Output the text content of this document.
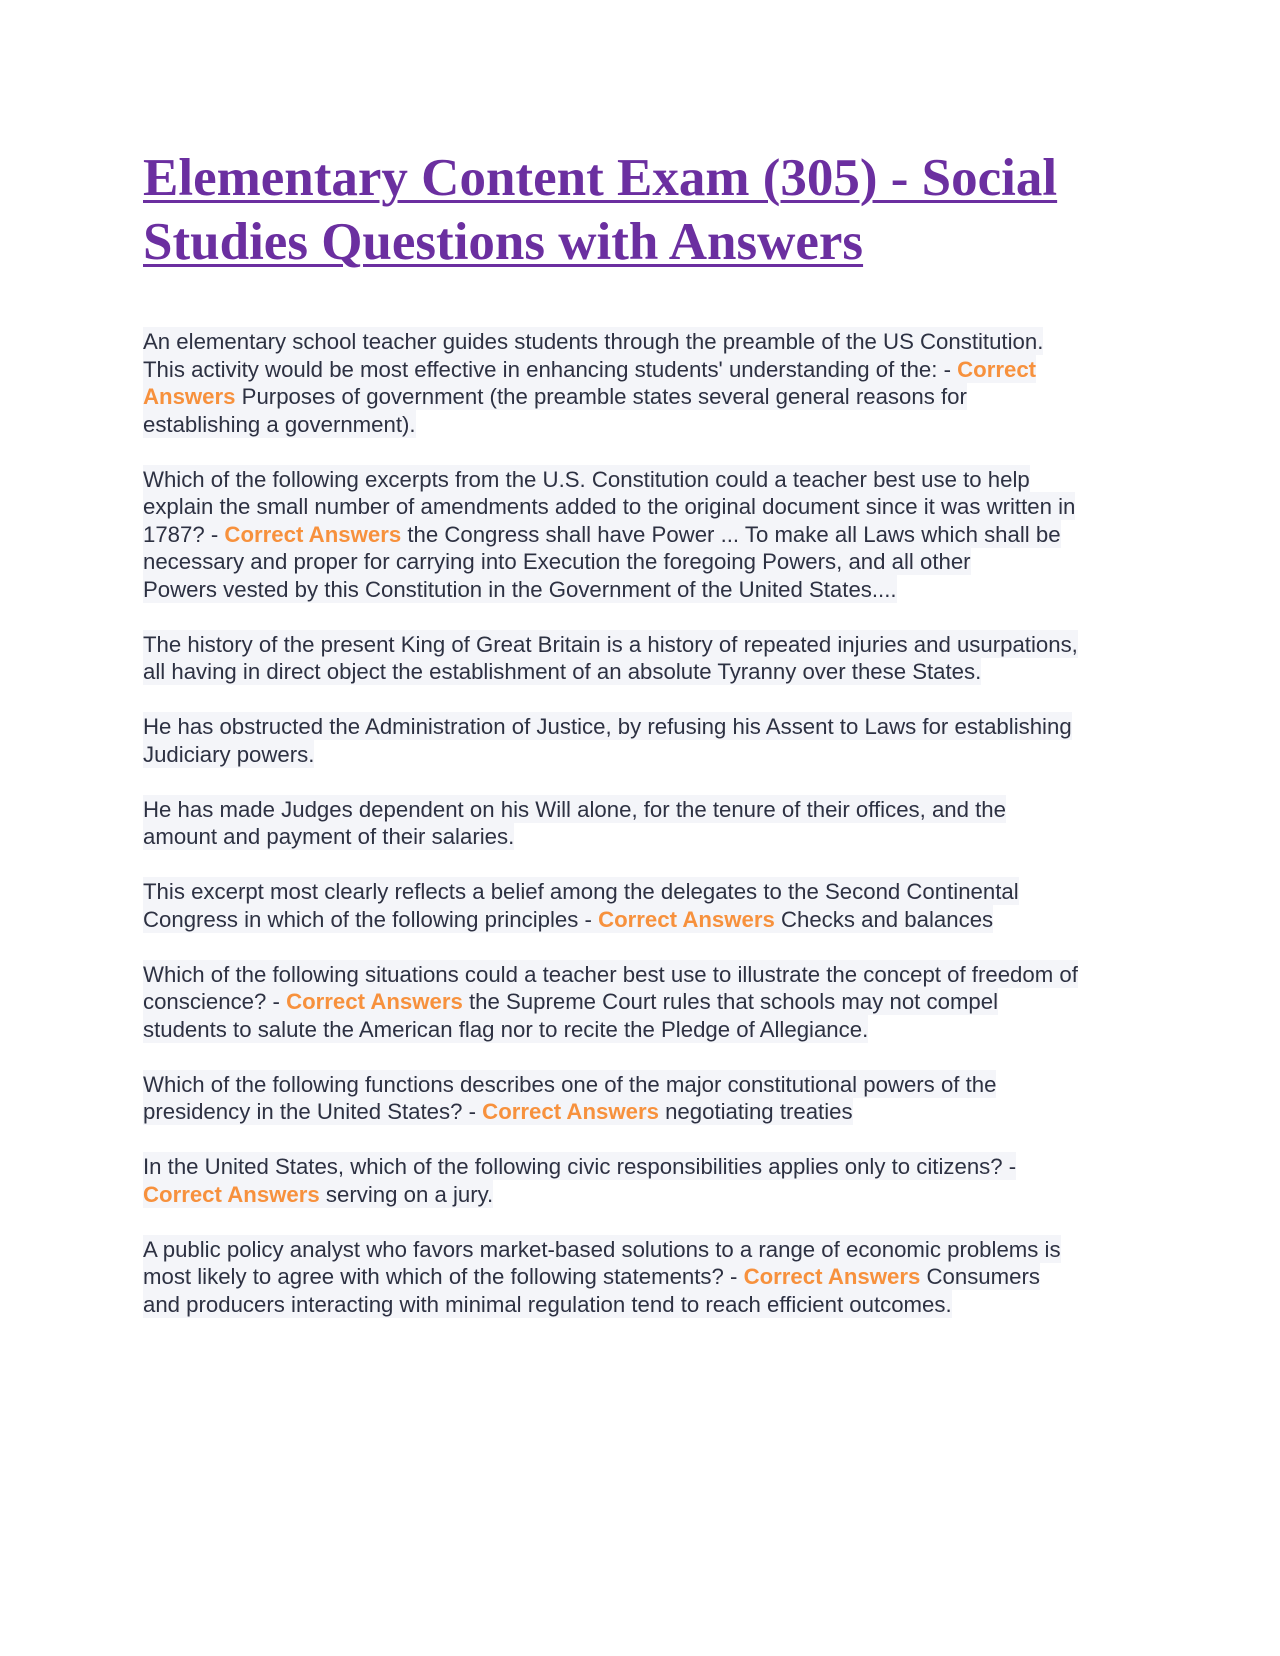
Elementary Content Exam (305) - Social Studies Questions with Answers

An elementary school teacher guides students through the preamble of the US Constitution. This activity would be most effective in enhancing students' understanding of the: - Correct Answers Purposes of government (the preamble states several general reasons for establishing a government).

Which of the following excerpts from the U.S. Constitution could a teacher best use to help explain the small number of amendments added to the original document since it was written in 1787? - Correct Answers the Congress shall have Power ... To make all Laws which shall be necessary and proper for carrying into Execution the foregoing Powers, and all other
Powers vested by this Constitution in the Government of the United States....

The history of the present King of Great Britain is a history of repeated injuries and usurpations, all having in direct object the establishment of an absolute Tyranny over these States.

He has obstructed the Administration of Justice, by refusing his Assent to Laws for establishing Judiciary powers.

He has made Judges dependent on his Will alone, for the tenure of their offices, and the amount and payment of their salaries.

This excerpt most clearly reflects a belief among the delegates to the Second Continental Congress in which of the following principles - Correct Answers Checks and balances

Which of the following situations could a teacher best use to illustrate the concept of freedom of conscience? - Correct Answers the Supreme Court rules that schools may not compel students to salute the American flag nor to recite the Pledge of Allegiance.

Which of the following functions describes one of the major constitutional powers of the presidency in the United States? - Correct Answers negotiating treaties

In the United States, which of the following civic responsibilities applies only to citizens? - Correct Answers serving on a jury.

A public policy analyst who favors market-based solutions to a range of economic problems is most likely to agree with which of the following statements? - Correct Answers Consumers and producers interacting with minimal regulation tend to reach efficient outcomes.
